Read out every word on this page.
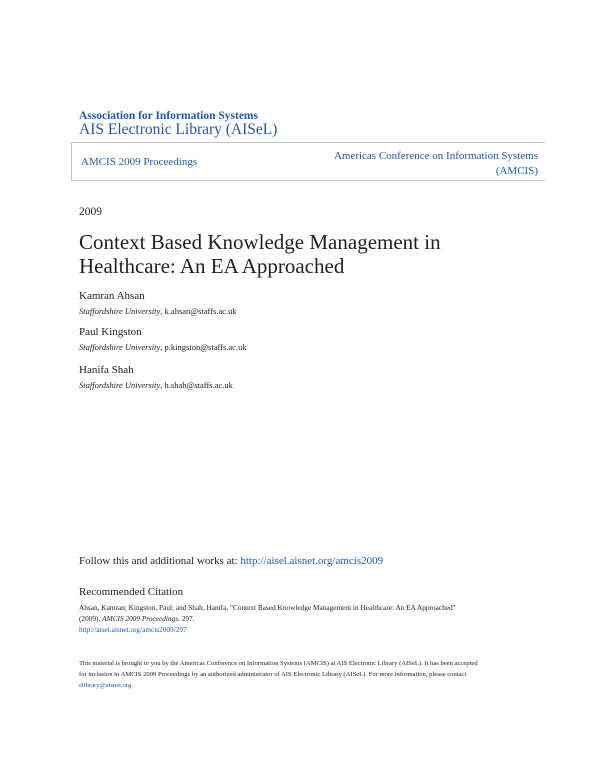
Association for Information Systems
AIS Electronic Library (AISeL)
AMCIS 2009 Proceedings	Americas Conference on Information Systems
(AMCIS)
2009
Context Based Knowledge Management in
Healthcare: An EA Approached
Kamran Ahsan
Staffordshire University, k.ahsan@staffs.ac.uk
Paul Kingston
Staffordshire University, p.kingston@staffs.ac.uk
Hanifa Shah
Staffordshire University, h.shah@staffs.ac.uk
Follow this and additional works at: http://aisel.aisnet.org/amcis2009
Recommended Citation
Ahsan, Kamran; Kingston, Paul; and Shah, Hanifa, "Context Based Knowledge Management in Healthcare: An EA Approached"
(2009). AMCIS 2009 Proceedings. 297.
http://aisel.aisnet.org/amcis2009/297
This material is brought to you by the Americas Conference on Information Systems (AMCIS) at AIS Electronic Library (AISeL). It has been accepted
for inclusion in AMCIS 2009 Proceedings by an authorized administrator of AIS Electronic Library (AISeL). For more information, please contact
elibrary@aisnet.org.
